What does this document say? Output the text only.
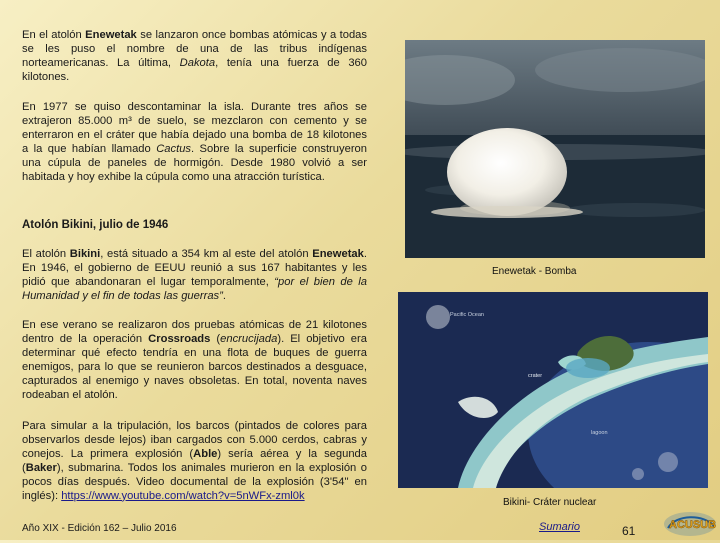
En el atolón Enewetak se lanzaron once bombas atómicas y a todas se les puso el nombre de una de las tribus indígenas norteamericanas. La última, Dakota, tenía una fuerza de 360 kilotones.

En 1977 se quiso descontaminar la isla. Durante tres años se extrajeron 85.000 m³ de suelo, se mezclaron con cemento y se enterraron en el cráter que había dejado una bomba de 18 kilotones a la que habían llamado Cactus. Sobre la superficie construyeron una cúpula de paneles de hormigón. Desde 1980 volvió a ser habitada y hoy exhibe la cúpula como una atracción turística.

Atolón Bikini, julio de 1946

El atolón Bikini, está situado a 354 km al este del atolón Enewetak. En 1946, el gobierno de EEUU reunió a sus 167 habitantes y les pidió que abandonaran el lugar temporalmente, “por el bien de la Humanidad y el fin de todas las guerras”.

En ese verano se realizaron dos pruebas atómicas de 21 kilotones dentro de la operación Crossroads (encrucijada). El objetivo era determinar qué efecto tendría en una flota de buques de guerra enemigos, para lo que se reunieron barcos destinados a desguace, capturados al enemigo y naves obsoletas. En total, noventa naves rodeaban el atolón.

Para simular a la tripulación, los barcos (pintados de colores para observarlos desde lejos) iban cargados con 5.000 cerdos, cabras y conejos. La primera explosión (Able) sería aérea y la segunda (Baker), submarina. Todos los animales murieron en la explosión o pocos días después. Video documental de la explosión (3'54'' en inglés): https://www.youtube.com/watch?v=5nWFx-zml0k

Enewetak - Bomba
Pacific Ocean
crater
lagoon
Bikini- Cráter nuclear
Año XIX - Edición 162 – Julio 2016	Sumario	61	ACUSUB
